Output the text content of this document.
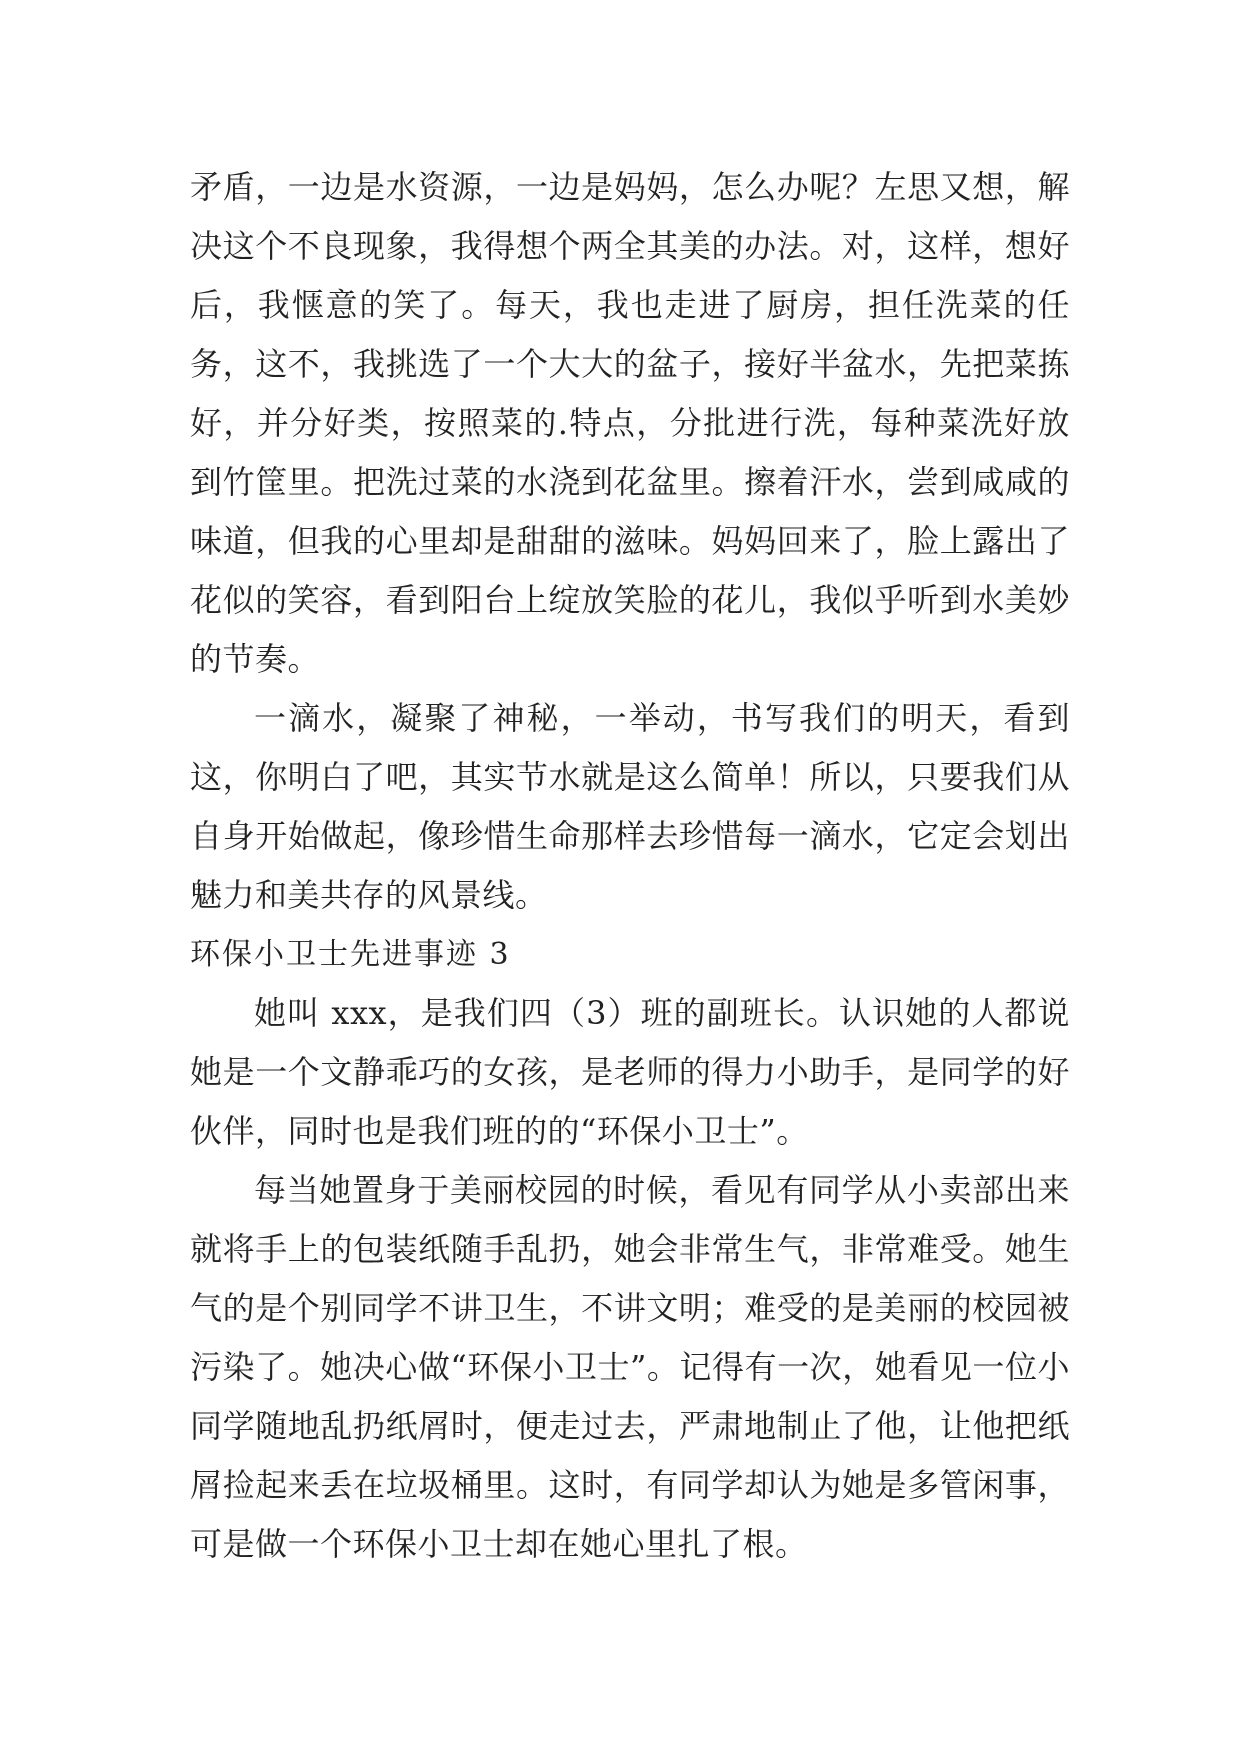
矛盾，一边是水资源，一边是妈妈，怎么办呢？左思又想，解决这个不良现象，我得想个两全其美的办法。对，这样，想好后，我惬意的笑了。每天，我也走进了厨房，担任洗菜的任务，这不，我挑选了一个大大的盆子，接好半盆水，先把菜拣好，并分好类，按照菜的.特点，分批进行洗，每种菜洗好放到竹筐里。把洗过菜的水浇到花盆里。擦着汗水，尝到咸咸的味道，但我的心里却是甜甜的滋味。妈妈回来了，脸上露出了花似的笑容，看到阳台上绽放笑脸的花儿，我似乎听到水美妙的节奏。

一滴水，凝聚了神秘，一举动，书写我们的明天，看到这，你明白了吧，其实节水就是这么简单！所以，只要我们从自身开始做起，像珍惜生命那样去珍惜每一滴水，它定会划出魅力和美共存的风景线。

环保小卫士先进事迹 3

她叫 xxx，是我们四（3）班的副班长。认识她的人都说她是一个文静乖巧的女孩，是老师的得力小助手，是同学的好伙伴，同时也是我们班的的“环保小卫士”。

每当她置身于美丽校园的时候，看见有同学从小卖部出来就将手上的包装纸随手乱扔，她会非常生气，非常难受。她生气的是个别同学不讲卫生，不讲文明；难受的是美丽的校园被污染了。她决心做“环保小卫士”。记得有一次，她看见一位小同学随地乱扔纸屑时，便走过去，严肃地制止了他，让他把纸屑捡起来丢在垃圾桶里。这时，有同学却认为她是多管闲事，可是做一个环保小卫士却在她心里扎了根。
